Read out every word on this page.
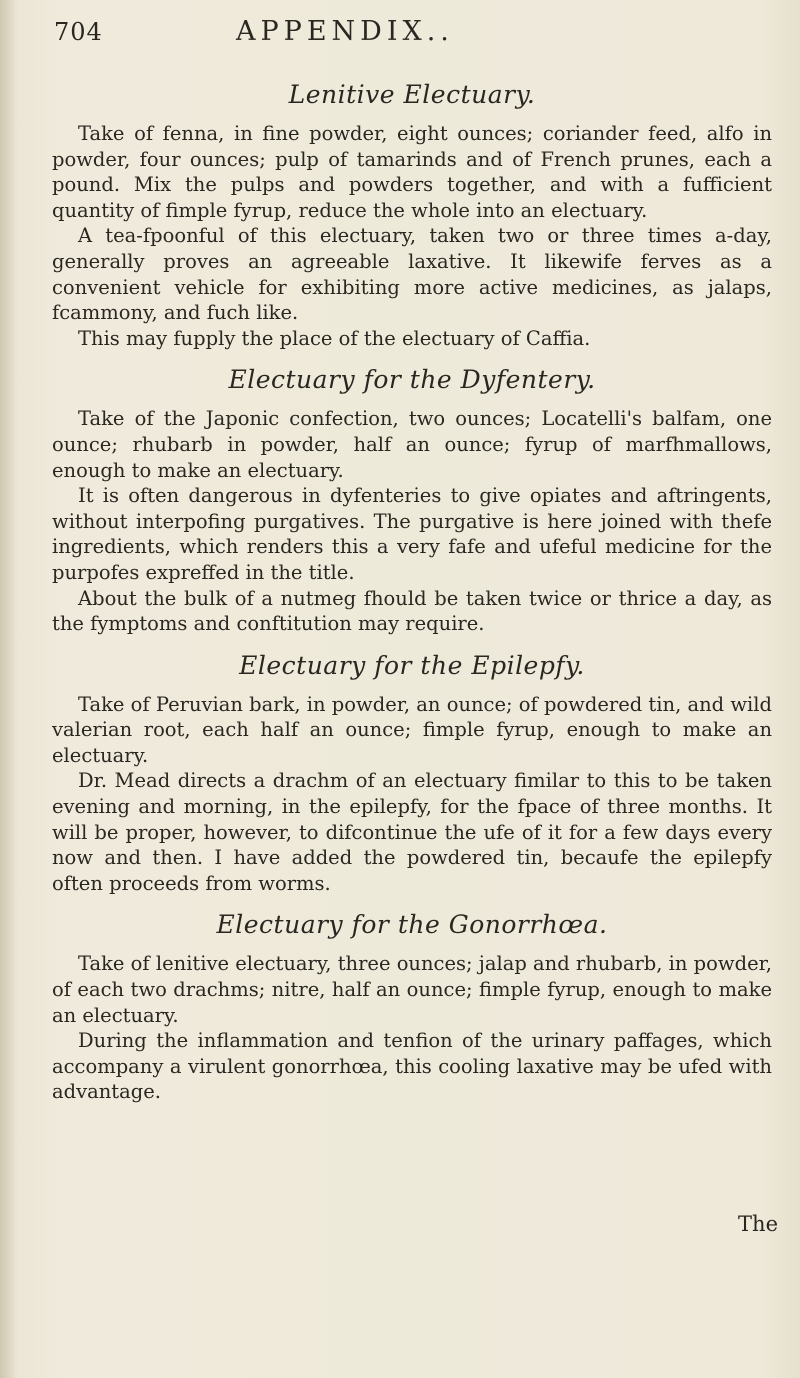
704	APPENDIX..
Lenitive Electuary.

Take of fenna, in fine powder, eight ounces; coriander feed, alfo in powder, four ounces; pulp of tamarinds and of French prunes, each a pound. Mix the pulps and powders together, and with a fufficient quantity of fimple fyrup, reduce the whole into an electuary.

A tea-fpoonful of this electuary, taken two or three times a-day, generally proves an agreeable laxative. It likewife ferves as a convenient vehicle for exhibiting more active medicines, as jalaps, fcammony, and fuch like.

This may fupply the place of the electuary of Caffia.

Electuary for the Dyfentery.

Take of the Japonic confection, two ounces; Locatelli's balfam, one ounce; rhubarb in powder, half an ounce; fyrup of marfhmallows, enough to make an electuary.

It is often dangerous in dyfenteries to give opiates and aftringents, without interpofing purgatives. The purgative is here joined with thefe ingredients, which renders this a very fafe and ufeful medicine for the purpofes expreffed in the title.

About the bulk of a nutmeg fhould be taken twice or thrice a day, as the fymptoms and conftitution may require.

Electuary for the Epilepfy.

Take of Peruvian bark, in powder, an ounce; of powdered tin, and wild valerian root, each half an ounce; fimple fyrup, enough to make an electuary.

Dr. Mead directs a drachm of an electuary fimilar to this to be taken evening and morning, in the epilepfy, for the fpace of three months. It will be proper, however, to difcontinue the ufe of it for a few days every now and then. I have added the powdered tin, becaufe the epilepfy often proceeds from worms.

Electuary for the Gonorrhœa.

Take of lenitive electuary, three ounces; jalap and rhubarb, in powder, of each two drachms; nitre, half an ounce; fimple fyrup, enough to make an electuary.

During the inflammation and tenfion of the urinary paffages, which accompany a virulent gonorrhœa, this cooling laxative may be ufed with advantage.

The
